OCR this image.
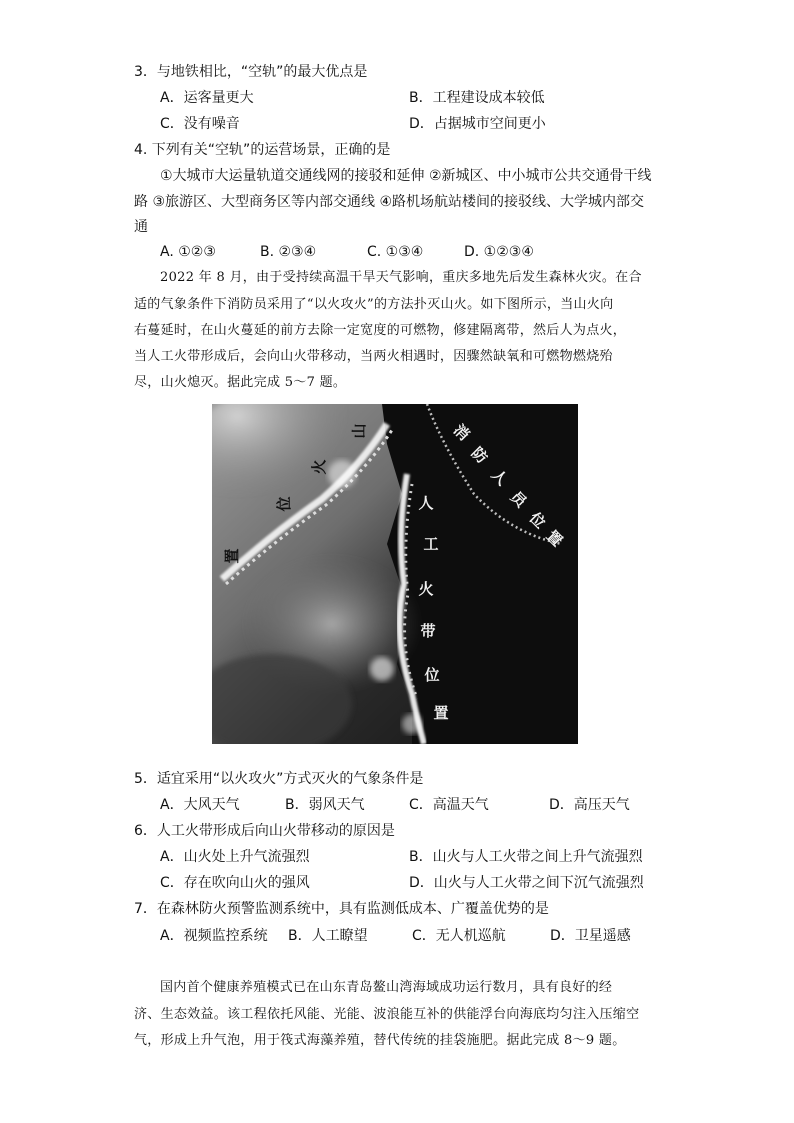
3．与地铁相比，“空轨”的最大优点是
A．运客量更大	B．工程建设成本较低
C．没有噪音	D．占据城市空间更小
4. 下列有关“空轨”的运营场景，正确的是
①大城市大运量轨道交通线网的接驳和延伸 ②新城区、中小城市公共交通骨干线
路 ③旅游区、大型商务区等内部交通线 ④路机场航站楼间的接驳线、大学城内部交
通
A. ①②③	B. ②③④	C. ①③④	D. ①②③④
2022 年 8 月，由于受持续高温干旱天气影响，重庆多地先后发生森林火灾。在合
适的气象条件下消防员采用了“以火攻火”的方法扑灭山火。如下图所示，当山火向
右蔓延时，在山火蔓延的前方去除一定宽度的可燃物，修建隔离带，然后人为点火，
当人工火带形成后，会向山火带移动，当两火相遇时，因骤然缺氧和可燃物燃烧殆
尽，山火熄灭。据此完成 5～7 题。
山
火
位
置
消
防
人
员
位
置
人
工
火
带
位
置
5．适宜采用“以火攻火”方式灭火的气象条件是
A．大风天气	B．弱风天气	C．高温天气	D．高压天气
6．人工火带形成后向山火带移动的原因是
A．山火处上升气流强烈	B．山火与人工火带之间上升气流强烈
C．存在吹向山火的强风	D．山火与人工火带之间下沉气流强烈
7．在森林防火预警监测系统中，具有监测低成本、广覆盖优势的是
A．视频监控系统 B．人工瞭望	C．无人机巡航	D．卫星遥感
国内首个健康养殖模式已在山东青岛鳌山湾海域成功运行数月，具有良好的经
济、生态效益。该工程依托风能、光能、波浪能互补的供能浮台向海底均匀注入压缩空
气，形成上升气泡，用于筏式海藻养殖，替代传统的挂袋施肥。据此完成 8～9 题。
